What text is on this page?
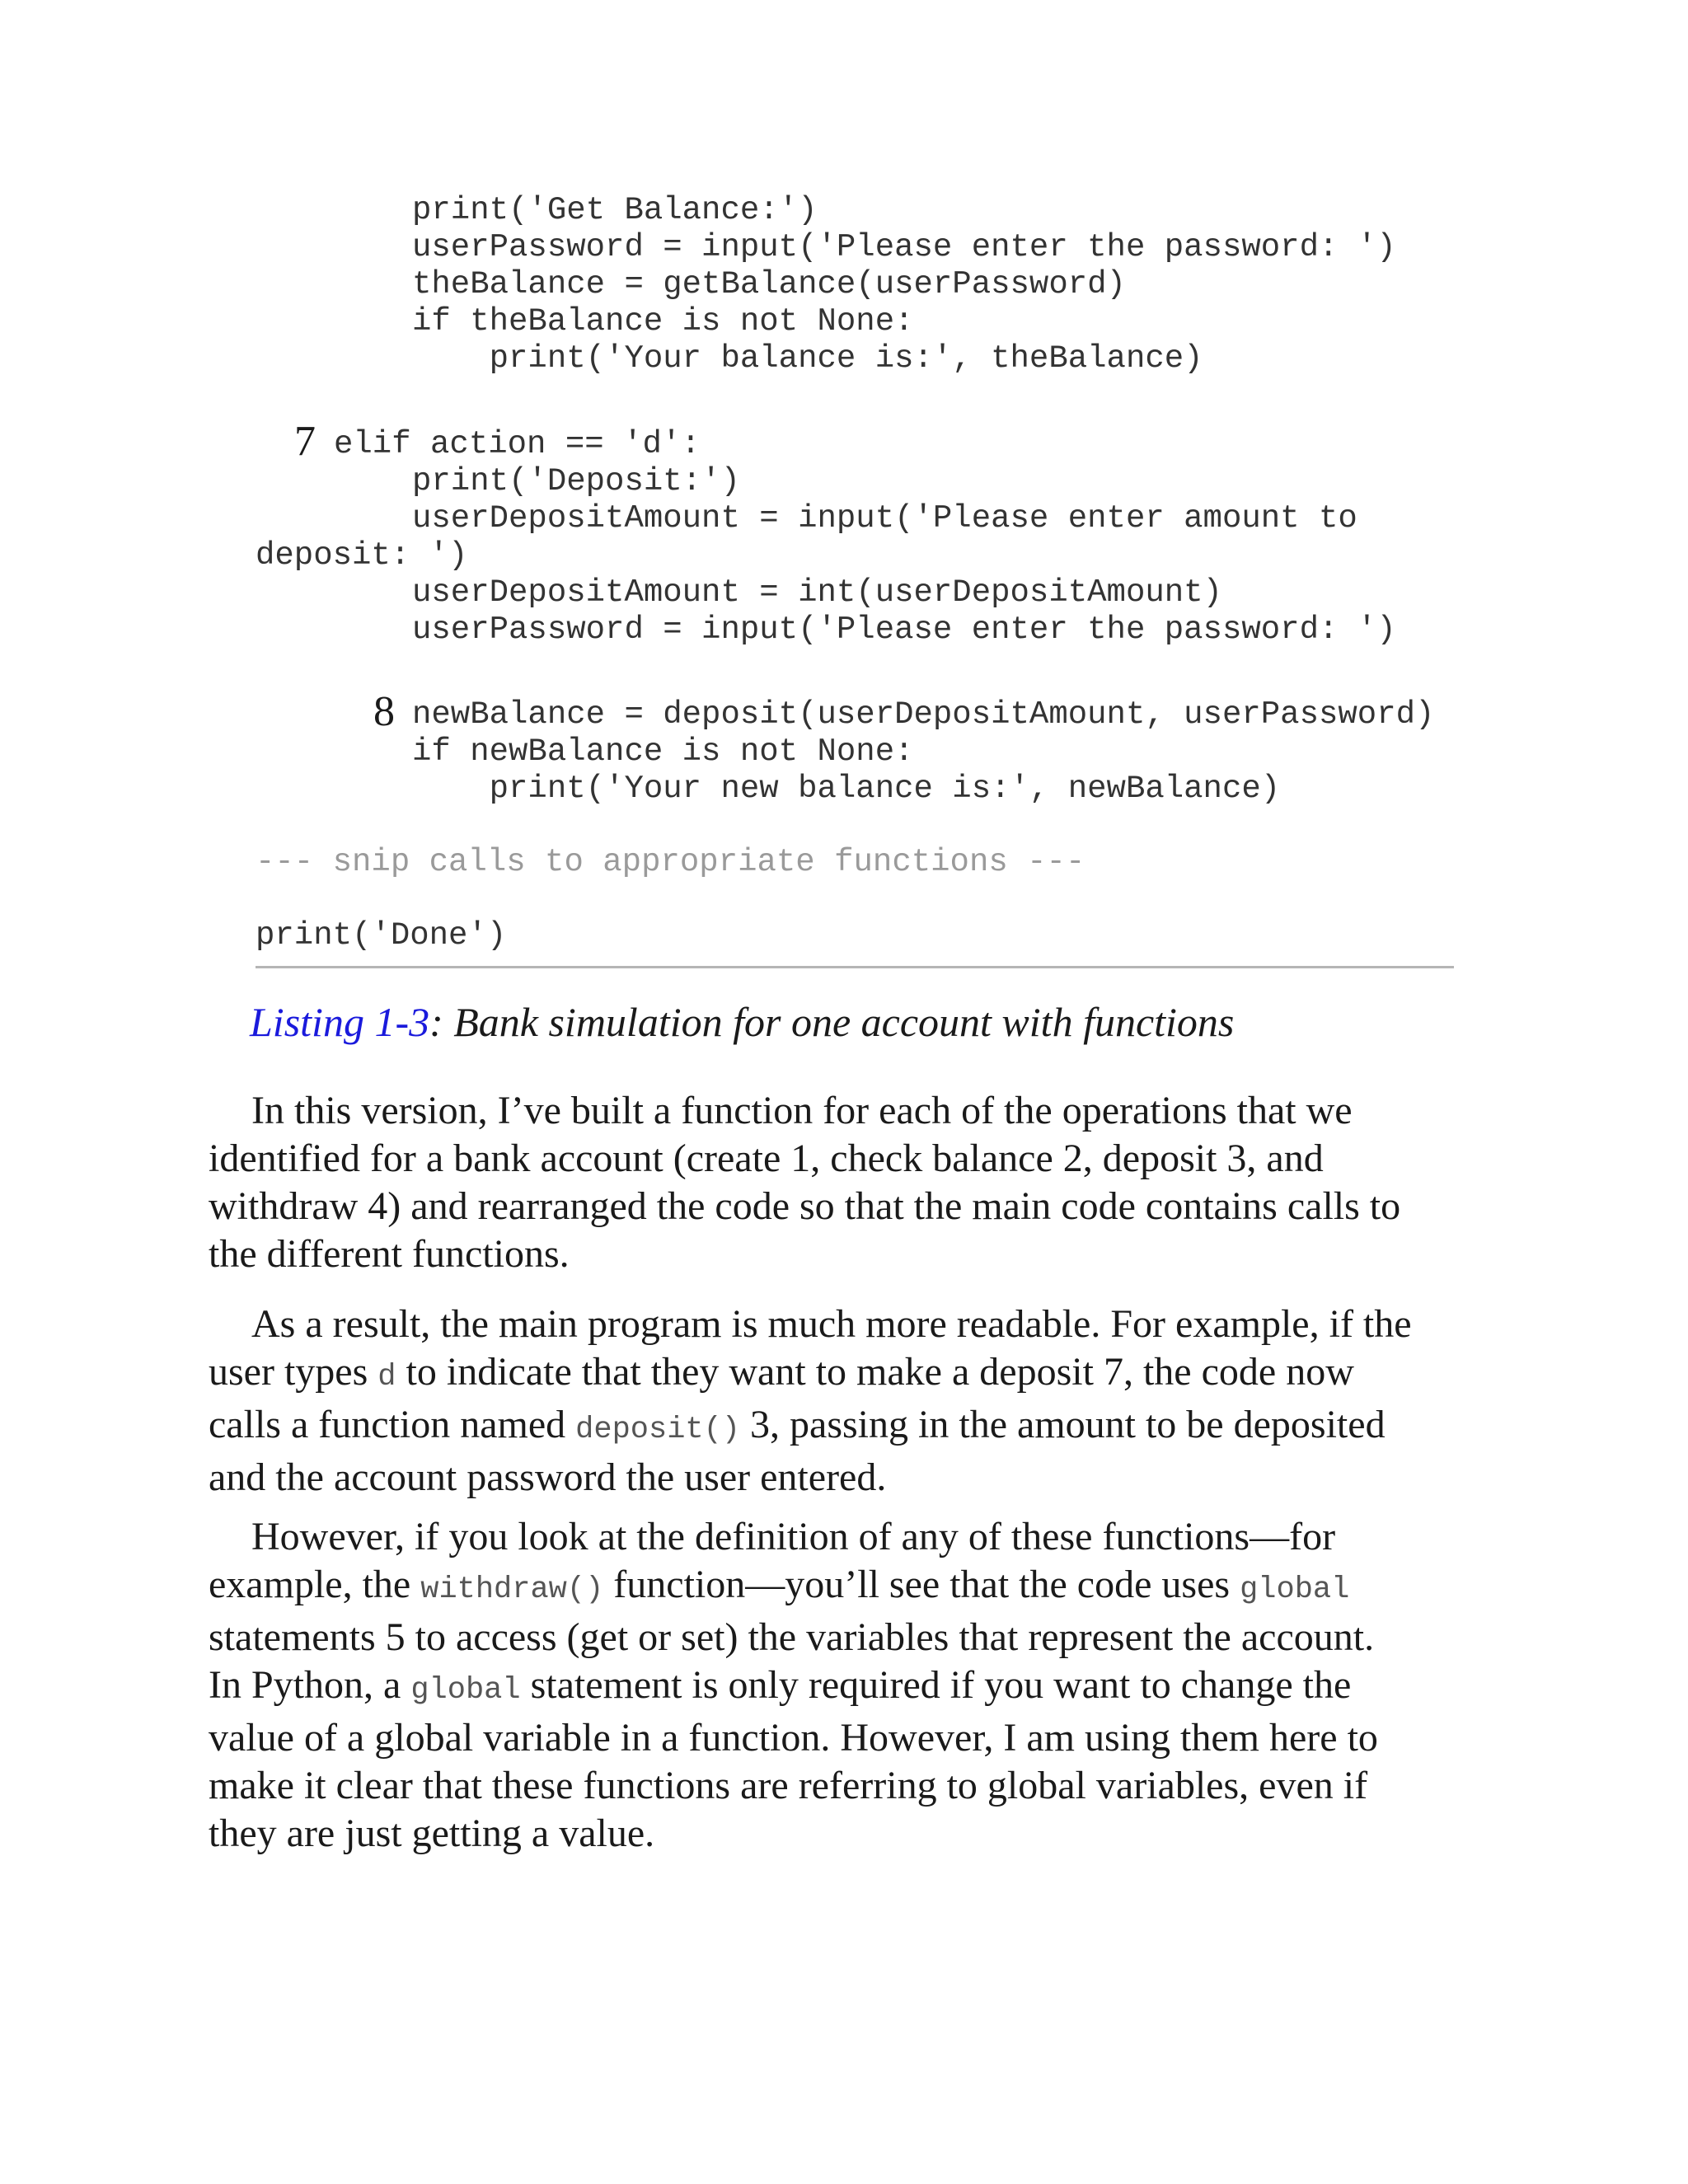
print('Get Balance:')
userPassword = input('Please enter the password: ')
theBalance = getBalance(userPassword)
if theBalance is not None:
print('Your balance is:', theBalance)
7 elif action == 'd':
print('Deposit:')
userDepositAmount = input('Please enter amount to
deposit: ')
userDepositAmount = int(userDepositAmount)
userPassword = input('Please enter the password: ')
8 newBalance = deposit(userDepositAmount, userPassword)
if newBalance is not None:
print('Your new balance is:', newBalance)
--- snip calls to appropriate functions ---
print('Done')
Listing 1-3: Bank simulation for one account with functions
In this version, I’ve built a function for each of the operations that we
identified for a bank account (create 1, check balance 2, deposit 3, and
withdraw 4) and rearranged the code so that the main code contains calls to
the different functions.
As a result, the main program is much more readable. For example, if the
user types d to indicate that they want to make a deposit 7, the code now
calls a function named deposit() 3, passing in the amount to be deposited
and the account password the user entered.
However, if you look at the definition of any of these functions—for
example, the withdraw() function—you’ll see that the code uses global
statements 5 to access (get or set) the variables that represent the account.
In Python, a global statement is only required if you want to change the
value of a global variable in a function. However, I am using them here to
make it clear that these functions are referring to global variables, even if
they are just getting a value.
